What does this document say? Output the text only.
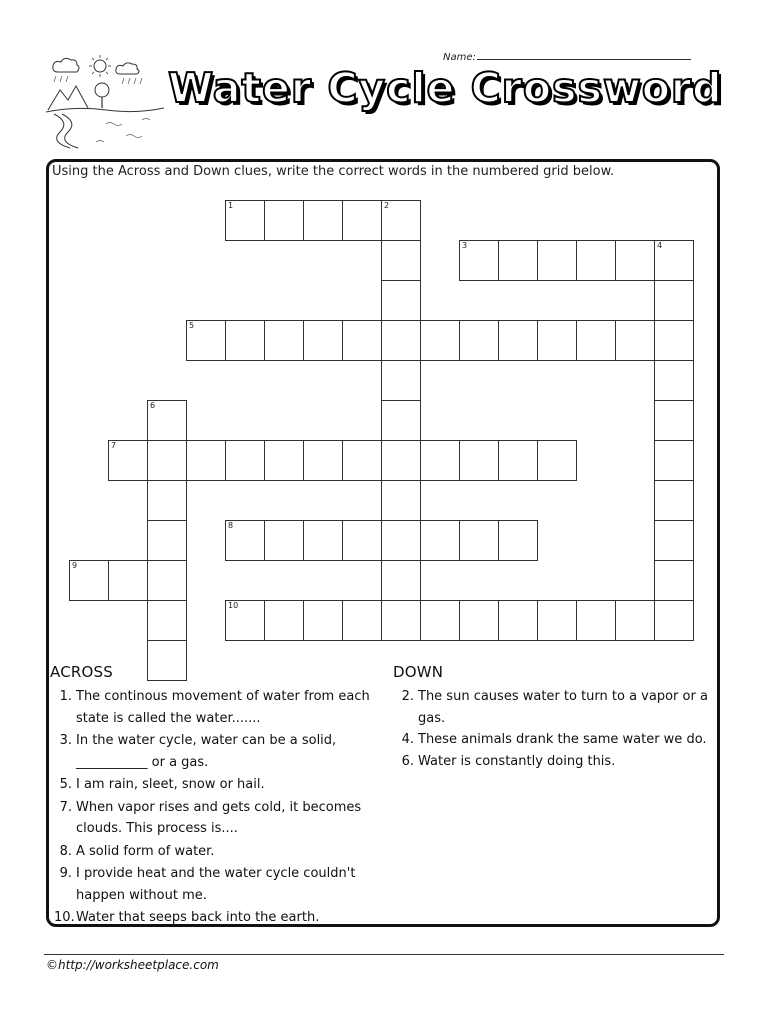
Name:
Water Cycle Crossword
Using the Across and Down clues, write the correct words in the numbered grid below.
1	2
3	4
5
6
7
8
9
10
ACROSS	DOWN
1. The continous movement of water from each state is called the water.......
3. In the water cycle, water can be a solid, ___________ or a gas.
5. I am rain, sleet, snow or hail.
7. When vapor rises and gets cold, it becomes clouds. This process is....
8. A solid form of water.
9. I provide heat and the water cycle couldn't happen without me.
10. Water that seeps back into the earth.
2. The sun causes water to turn to a vapor or a gas.
4. These animals drank the same water we do.
6. Water is constantly doing this.
©http://worksheetplace.com
